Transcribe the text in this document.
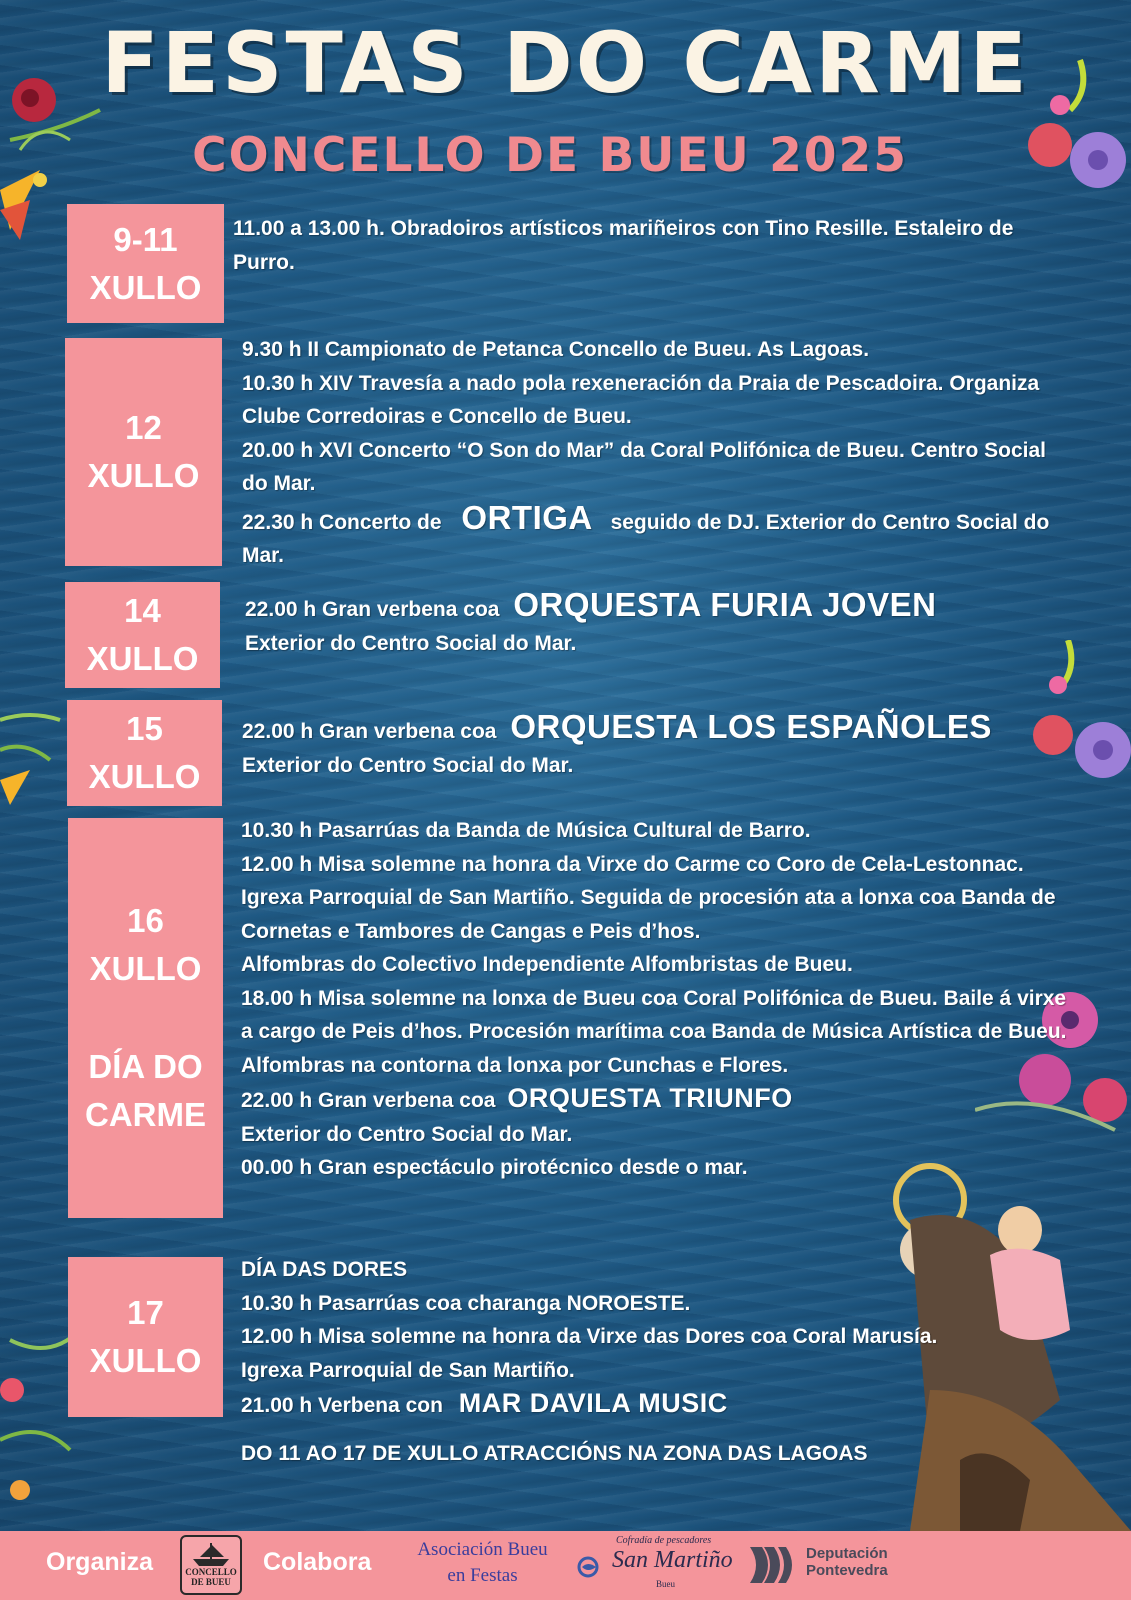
FESTAS DO CARME
CONCELLO DE BUEU 2025
9-11
XULLO

11.00 a 13.00 h. Obradoiros artísticos mariñeiros con Tino Resille. Estaleiro de Purro.

12
XULLO

9.30 h II Campionato de Petanca Concello de Bueu. As Lagoas.

10.30 h XIV Travesía a nado pola rexeneración da Praia de Pescadoira. Organiza Clube Corredoiras e Concello de Bueu.

20.00 h XVI Concerto “O Son do Mar” da Coral Polifónica de Bueu. Centro Social do Mar.

22.30 h Concerto de ORTIGA seguido de DJ. Exterior do Centro Social do Mar.

14
XULLO

22.00 h Gran verbena coa ORQUESTA FURIA JOVEN

Exterior do Centro Social do Mar.

15 XULLO

22.00 h Gran verbena coa ORQUESTA LOS ESPAÑOLES

Exterior do Centro Social do Mar.

16
XULLO
DÍA DO
CARME

10.30 h Pasarrúas da Banda de Música Cultural de Barro.

12.00 h Misa solemne na honra da Virxe do Carme co Coro de Cela-Lestonnac. Igrexa Parroquial de San Martiño. Seguida de procesión ata a lonxa coa Banda de Cornetas e Tambores de Cangas e Peis d’hos.

Alfombras do Colectivo Independiente Alfombristas de Bueu.

18.00 h Misa solemne na lonxa de Bueu coa Coral Polifónica de Bueu. Baile á virxe a cargo de Peis d’hos. Procesión marítima coa Banda de Música Artística de Bueu.

Alfombras na contorna da lonxa por Cunchas e Flores.

22.00 h Gran verbena coa ORQUESTA TRIUNFO

Exterior do Centro Social do Mar.

00.00 h Gran espectáculo pirotécnico desde o mar.

17
XULLO

DÍA DAS DORES

10.30 h Pasarrúas coa charanga NOROESTE.

12.00 h Misa solemne na honra da Virxe das Dores coa Coral Marusía. Igrexa Parroquial de San Martiño.

21.00 h Verbena con MAR DAVILA MUSIC

DO 11 AO 17 DE XULLO ATRACCIÓNS NA ZONA DAS LAGOAS
Organiza	CONCELLO
DE BUEU
Colabora	Asociación Bueu
en Festas
Cofradía de pescadores
San Martiño
Bueu
Deputación
Pontevedra
